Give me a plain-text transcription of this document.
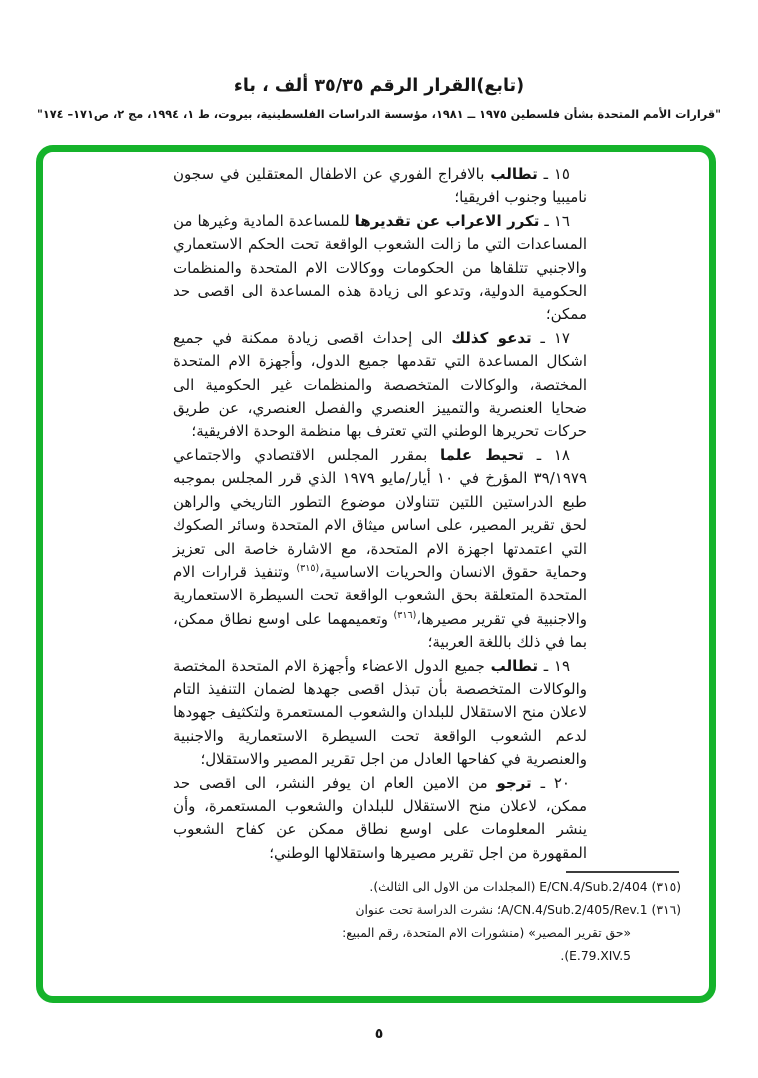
(تابع)القرار الرقم ٣٥/٣٥ ألف ، باء
"قرارات الأمم المتحدة بشأن فلسطين ١٩٧٥ ــ ١٩٨١، مؤسسة الدراسات الفلسطينية، بيروت، ط ١، ١٩٩٤، مج ٢، ص١٧١– ١٧٤"

١٥ ـ تطالب بالافراج الفوري عن الاطفال المعتقلين في سجون ناميبيا وجنوب افريقيا؛

١٦ ـ تكرر الاعراب عن تقديرها للمساعدة المادية وغيرها من المساعدات التي ما زالت الشعوب الواقعة تحت الحكم الاستعماري والاجنبي تتلقاها من الحكومات ووكالات الام المتحدة والمنظمات الحكومية الدولية، وتدعو الى زيادة هذه المساعدة الى اقصى حد ممكن؛

١٧ ـ تدعو كذلك الى إحداث اقصى زيادة ممكنة في جميع اشكال المساعدة التي تقدمها جميع الدول، وأجهزة الام المتحدة المختصة، والوكالات المتخصصة والمنظمات غير الحكومية الى ضحايا العنصرية والتمييز العنصري والفصل العنصري، عن طريق حركات تحريرها الوطني التي تعترف بها منظمة الوحدة الافريقية؛

١٨ ـ تحيط علما بمقرر المجلس الاقتصادي والاجتماعي ٣٩/١٩٧٩ المؤرخ في ١٠ أيار/مايو ١٩٧٩ الذي قرر المجلس بموجبه طبع الدراستين اللتين تتناولان موضوع التطور التاريخي والراهن لحق تقرير المصير، على اساس ميثاق الام المتحدة وسائر الصكوك التي اعتمدتها اجهزة الام المتحدة، مع الاشارة خاصة الى تعزيز وحماية حقوق الانسان والحريات الاساسية،$^{(٣١٥)}$ وتنفيذ قرارات الام المتحدة المتعلقة بحق الشعوب الواقعة تحت السيطرة الاستعمارية والاجنبية في تقرير مصيرها،$^{(٣١٦)}$ وتعميمهما على اوسع نطاق ممكن، بما في ذلك باللغة العربية؛

١٩ ـ تطالب جميع الدول الاعضاء وأجهزة الام المتحدة المختصة والوكالات المتخصصة بأن تبذل اقصى جهدها لضمان التنفيذ التام لاعلان منح الاستقلال للبلدان والشعوب المستعمرة ولتكثيف جهودها لدعم الشعوب الواقعة تحت السيطرة الاستعمارية والاجنبية والعنصرية في كفاحها العادل من اجل تقرير المصير والاستقلال؛

٢٠ ـ ترجو من الامين العام ان يوفر النشر، الى اقصى حد ممكن، لاعلان منح الاستقلال للبلدان والشعوب المستعمرة، وأن ينشر المعلومات على اوسع نطاق ممكن عن كفاح الشعوب المقهورة من اجل تقرير مصيرها واستقلالها الوطني؛

(٣١٥) E/CN.4/Sub.2/404 (المجلدات من الاول الى الثالث).
(٣١٦) A/CN.4/Sub.2/405/Rev.1؛ نشرت الدراسة تحت عنوان «حق تقرير المصير» (منشورات الام المتحدة، رقم المبيع: E.79.XIV.5).
٥
